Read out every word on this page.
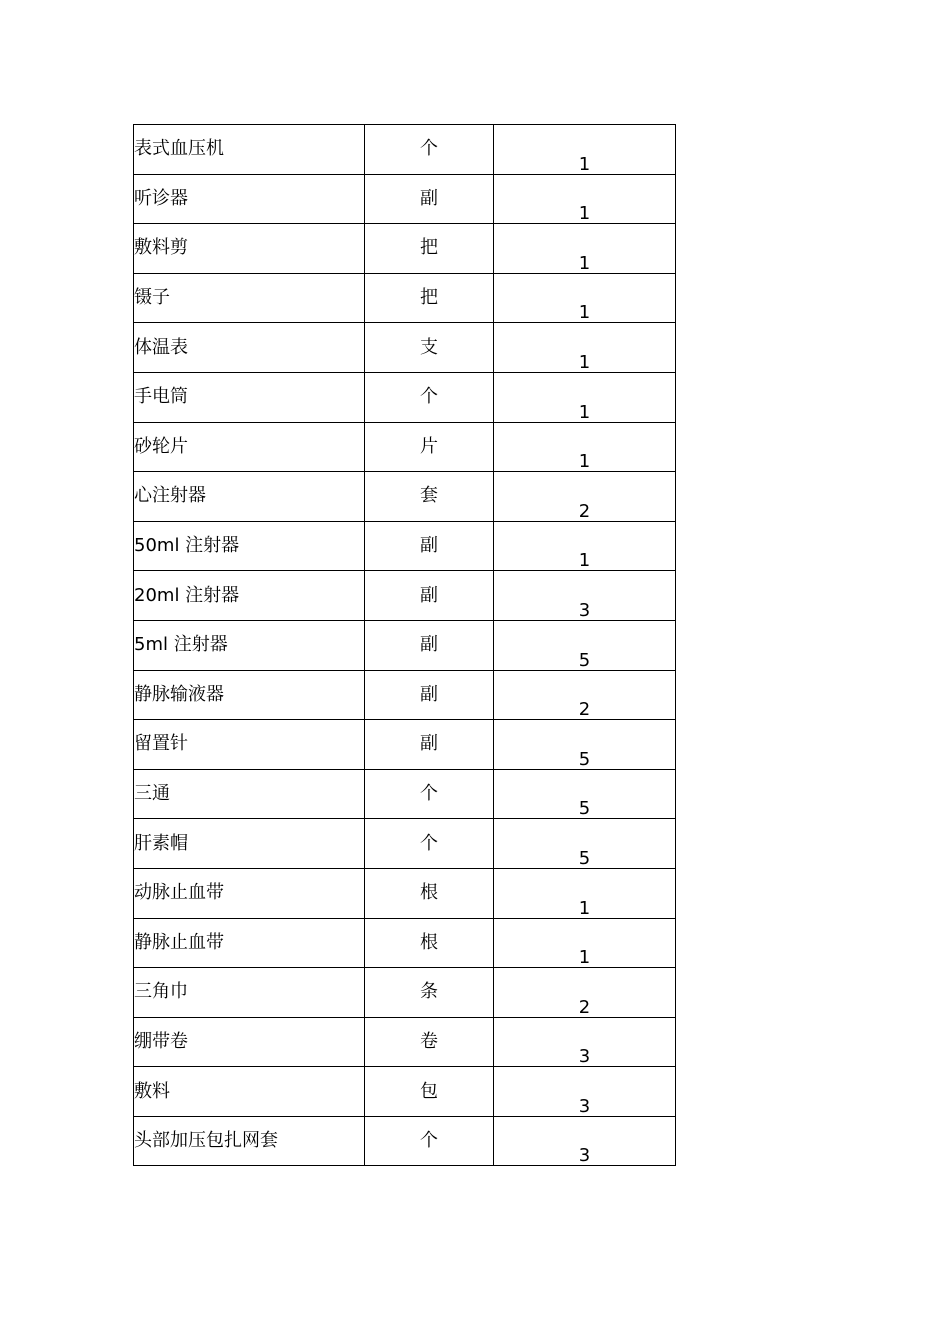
表式血压机	个	1
听诊器	副	1
敷料剪	把	1
镊子	把	1
体温表	支	1
手电筒	个	1
砂轮片	片	1
心注射器	套	2
50ml 注射器	副	1
20ml 注射器	副	3
5ml 注射器	副	5
静脉输液器	副	2
留置针	副	5
三通	个	5
肝素帽	个	5
动脉止血带	根	1
静脉止血带	根	1
三角巾	条	2
绷带卷	卷	3
敷料	包	3
头部加压包扎网套	个	3
